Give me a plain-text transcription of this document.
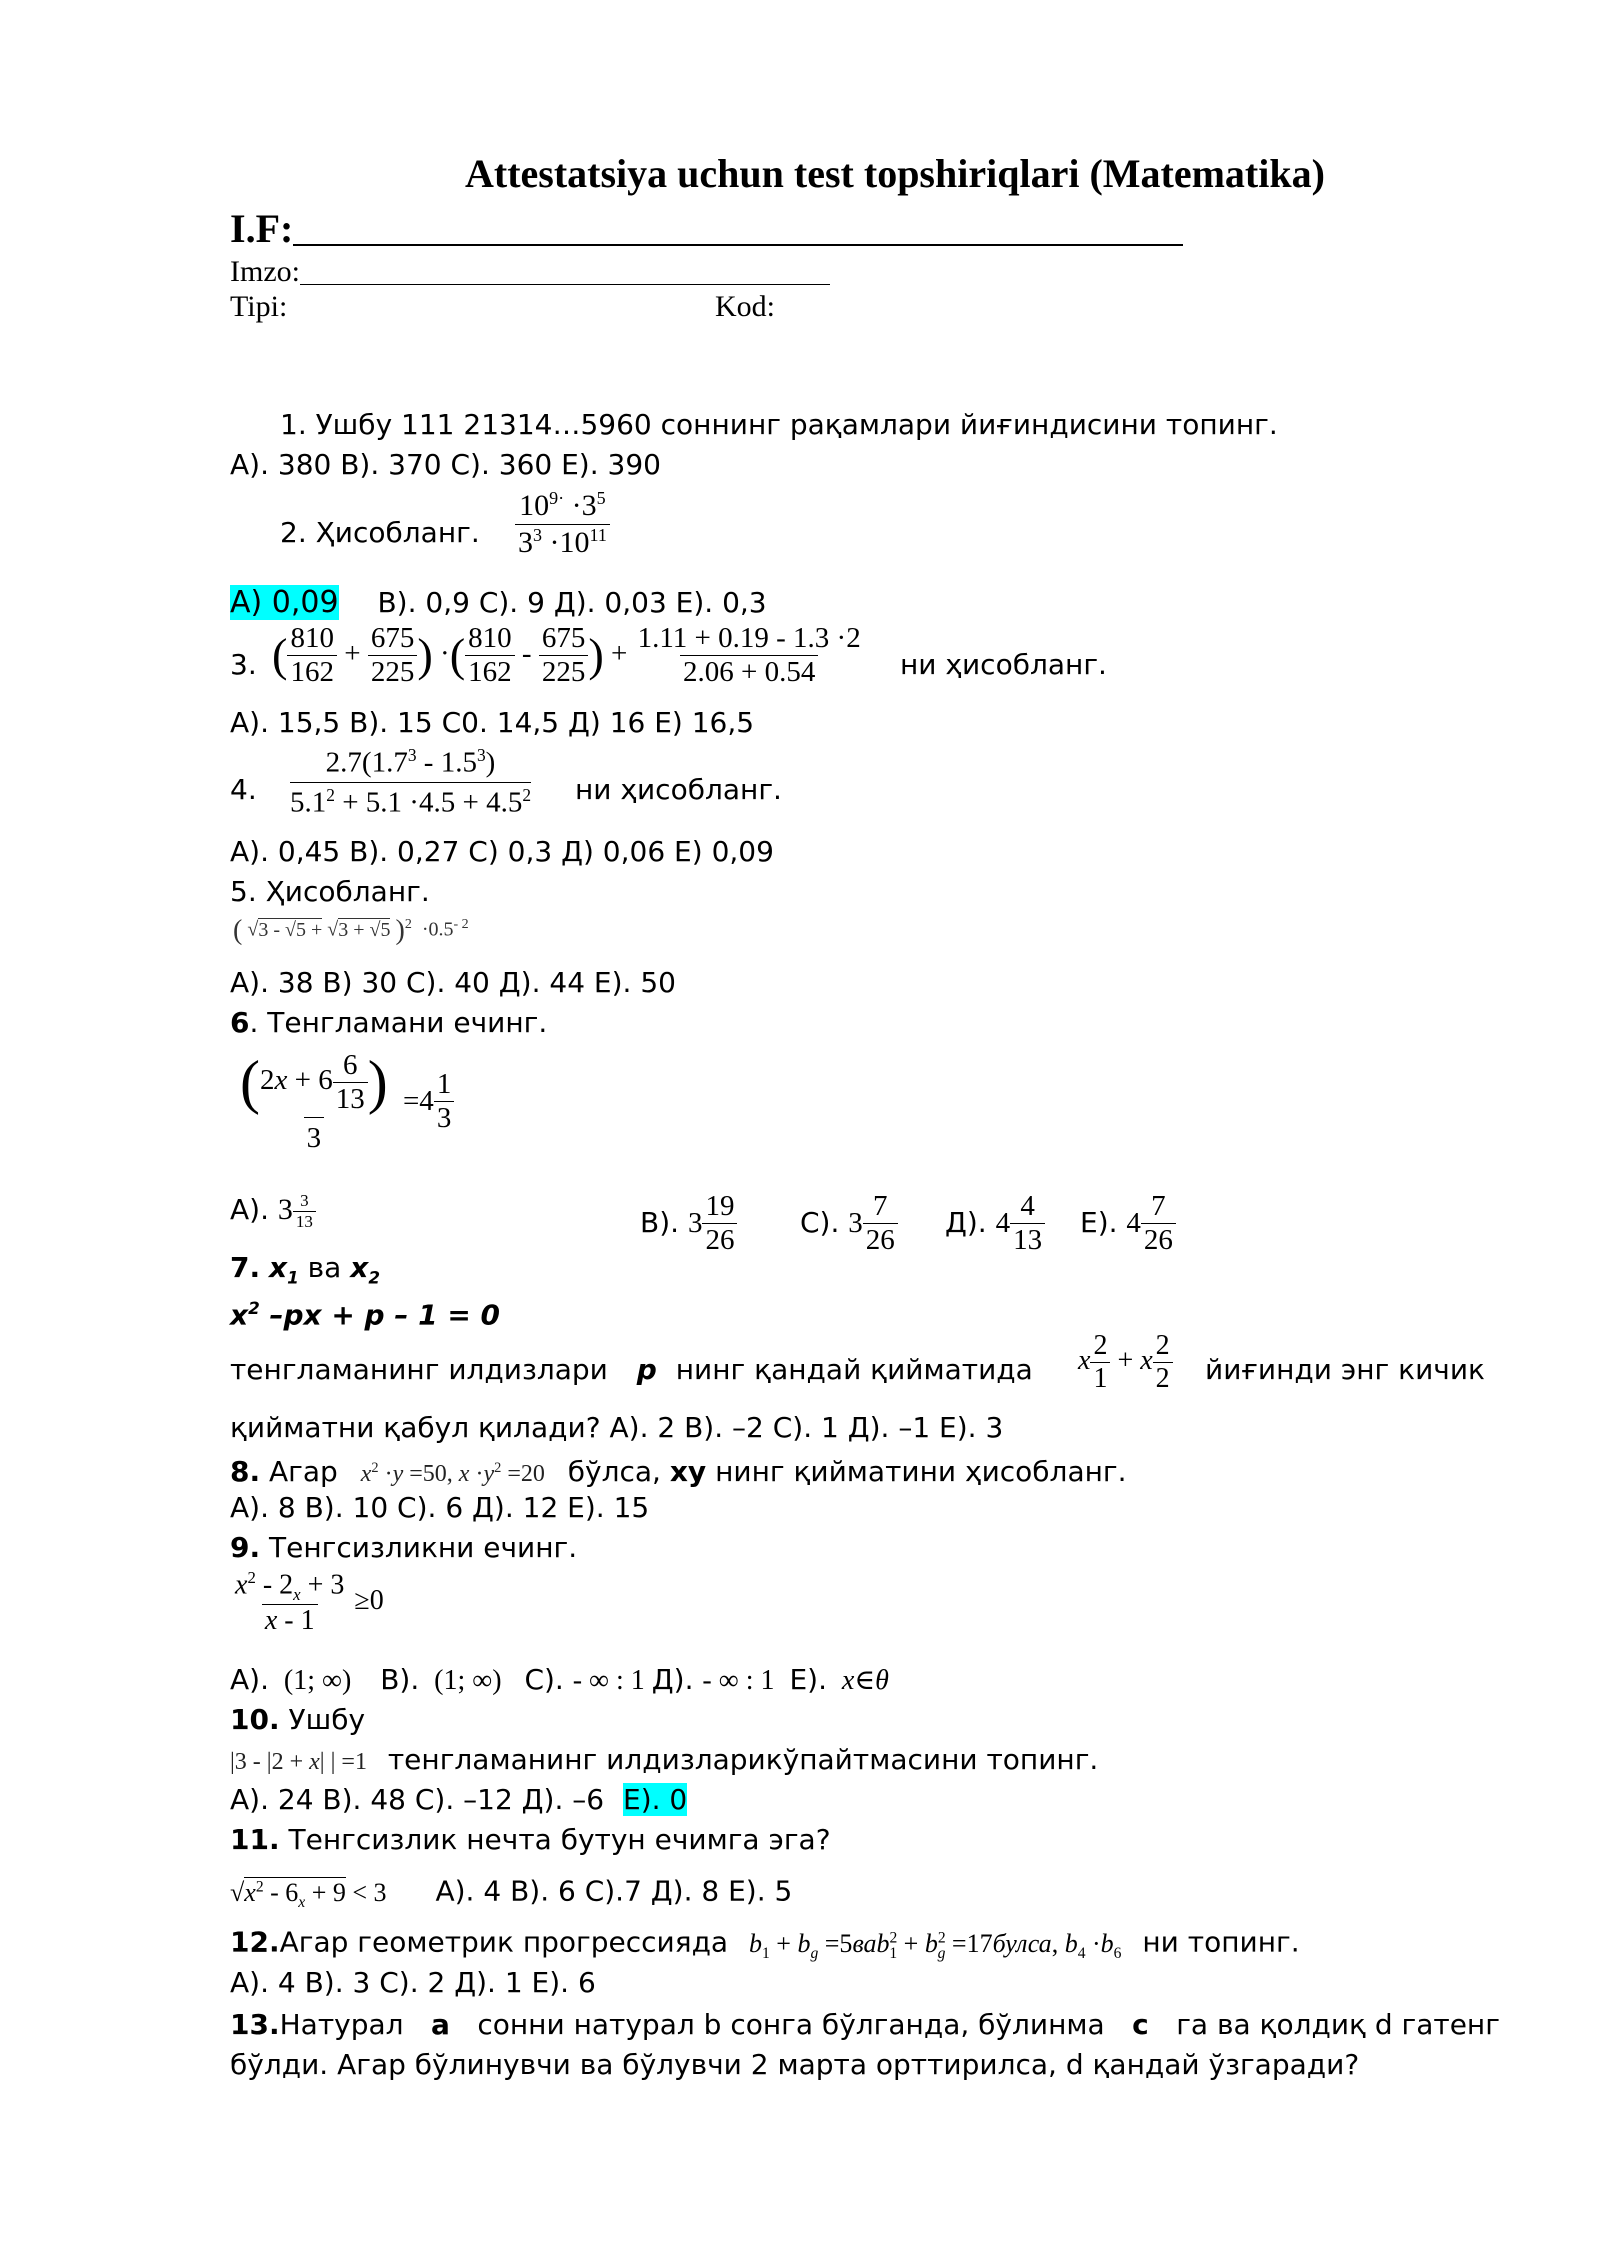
Attestatsiya uchun test topshiriqlari (Matematika)
I.F:
Imzo:
Tipi:	Kod:
1. Ушбу 111 21314…5960 соннинг рақамлари йиғиндисини топинг.
A). 380 B). 370 C). 360 E). 390
2. Ҳисобланг. $\frac{10^{9\cdot} \cdot 3^5}{3^3 \cdot 10^{11}}$
A) 0,09 B). 0,9 C). 9 Д). 0,03 E). 0,3
3. ( $\frac{810}{162} + \frac{675}{225}$ ) ·( $\frac{810}{162} - \frac{675}{225}$ ) + $\frac{1.11 + 0.19 - 1.3 \cdot 2}{2.06 + 0.54}$ ни ҳисобланг.
A). 15,5 B). 15 C0. 14,5 Д) 16 E) 16,5
4. $\frac{2.7(1.7^3 - 1.5^3)}{5.1^2 + 5.1 \cdot 4.5 + 4.5^2}$ ни ҳисобланг.
A). 0,45 B). 0,27 C) 0,3 Д) 0,06 E) 0,09
5. Ҳисобланг.
( √3 - √5 + √3 + √5 )$^2 \cdot 0.5^{- 2}$
A). 38 B) 30 C). 40 Д). 44 E). 50
6. Тенгламани ечинг.
$\frac{(2x + 6 \frac{6}{13} )}{3} =4 \frac{1}{3}$
A). $3 \frac{3}{13}$	B). $3 \frac{19}{26} C$). $3 \frac{7}{26} Д$). $4 \frac{4}{13} E$). $4 \frac{7}{26}$
7. $x_1$ ва $x_2$
$x^2$ –px + p – 1 = 0
тенгламанинг илдизлари p нинг қандай қийматида	x $\frac{2}{1} + x \frac{2}{2}$ йиғинди энг кичик
қийматни қабул қилади? A). 2 B). –2 C). 1 Д). –1 E). 3
8. Агар $x^2 \cdot y =50$, $x \cdot y^2 =20$ бўлса, xy нинг қийматини ҳисобланг.
A). 8 B). 10 C). 6 Д). 12 E). 15
9. Тенгсизликни ечинг.
$\frac{x^2 - 2_x + 3}{x - 1} \ge 0$
A). (1; ∞) B). (1; ∞) C). - ∞ : 1 Д). - ∞ : 1 E). x∈θ
10. Ушбу
|3 - |2 + x| | =1 тенгламанинг илдизларикўпайтмасини топинг.
A). 24 B). 48 C). –12 Д). –6 E). 0
11. Тенгсизлик нечта бутун ечимга эга?
$√x^2 - 6_x + 9 < 3$ A). 4 B). 6 C).7 Д). 8 E). 5
12.Агар геометрик прогрессияда $b_1 + b_g =5ваb^2_1 + b^2_g$ =17булса, $b_4 \cdot b_6$ ни топинг.
A). 4 B). 3 C). 2 Д). 1 E). 6
13.Натурал a сонни натурал b сонга бўлганда, бўлинма c га ва қолдиқ d гатенг
бўлди. Агар бўлинувчи ва бўлувчи 2 марта орттирилса, d қандай ўзгаради?
